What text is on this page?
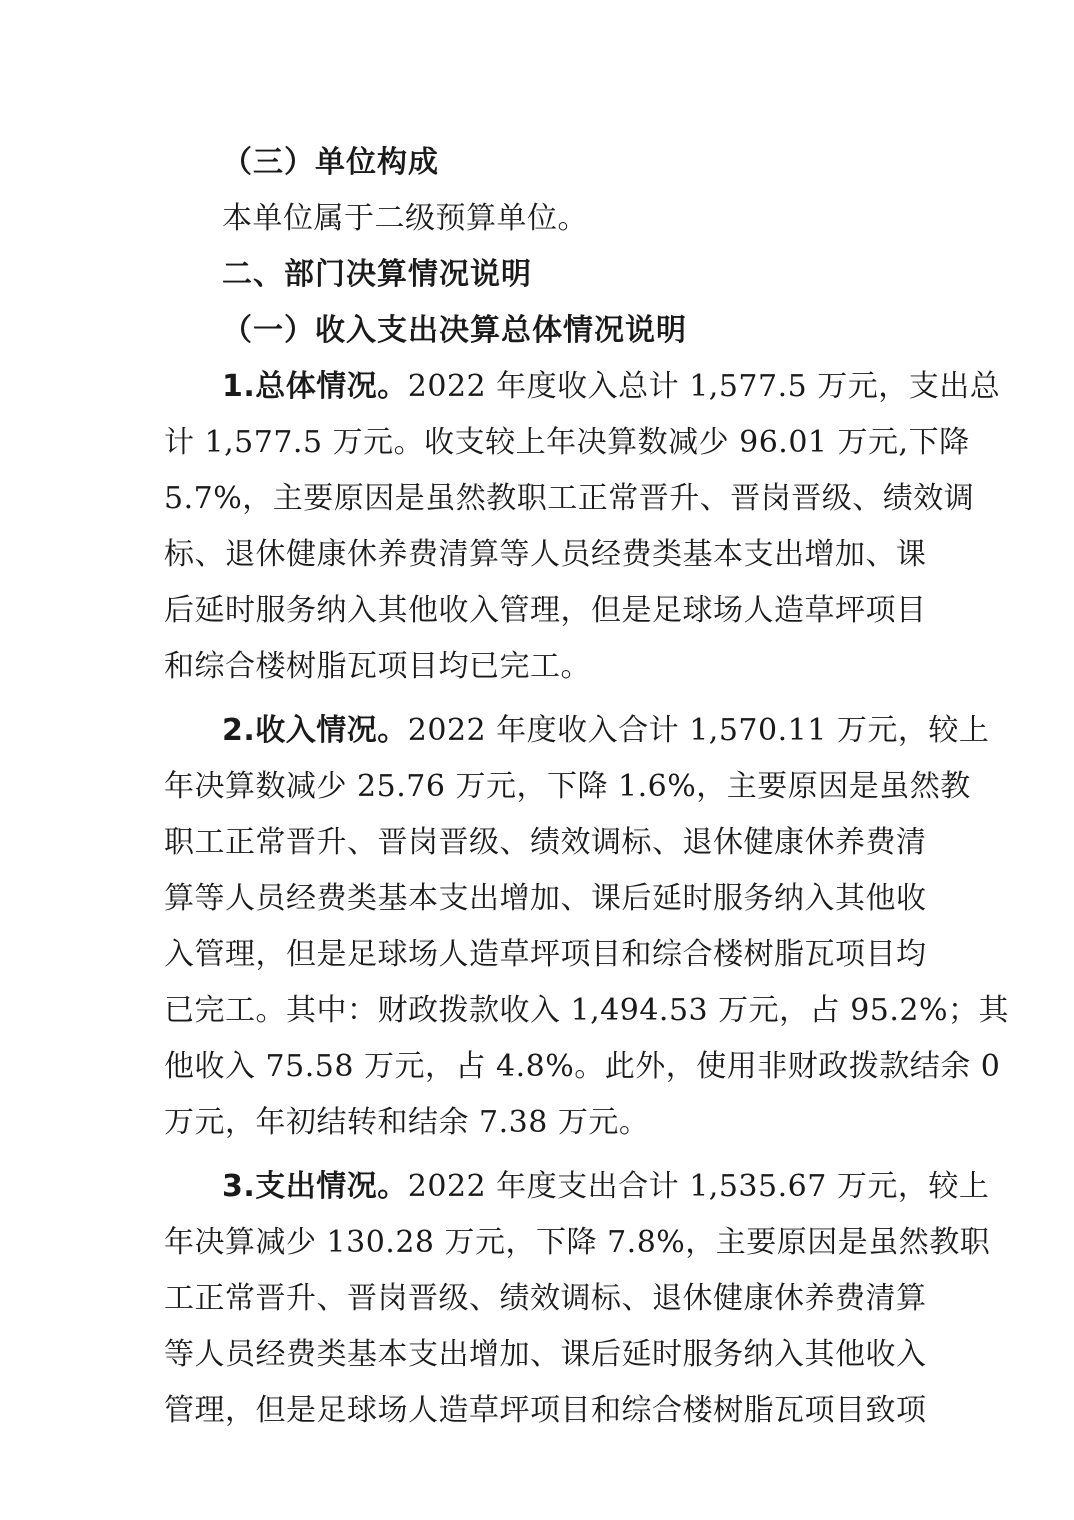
（三）单位构成

本单位属于二级预算单位。

二、部门决算情况说明

（一）收入支出决算总体情况说明

1.总体情况。2022 年度收入总计 1,577.5 万元，支出总

计 1,577.5 万元。收支较上年决算数减少 96.01 万元,下降

5.7%，主要原因是虽然教职工正常晋升、晋岗晋级、绩效调

标、退休健康休养费清算等人员经费类基本支出增加、课

后延时服务纳入其他收入管理，但是足球场人造草坪项目

和综合楼树脂瓦项目均已完工。

2.收入情况。2022 年度收入合计 1,570.11 万元，较上

年决算数减少 25.76 万元，下降 1.6%，主要原因是虽然教

职工正常晋升、晋岗晋级、绩效调标、退休健康休养费清

算等人员经费类基本支出增加、课后延时服务纳入其他收

入管理，但是足球场人造草坪项目和综合楼树脂瓦项目均

已完工。其中：财政拨款收入 1,494.53 万元，占 95.2%；其

他收入 75.58 万元，占 4.8%。此外，使用非财政拨款结余 0

万元，年初结转和结余 7.38 万元。

3.支出情况。2022 年度支出合计 1,535.67 万元，较上

年决算减少 130.28 万元，下降 7.8%，主要原因是虽然教职

工正常晋升、晋岗晋级、绩效调标、退休健康休养费清算

等人员经费类基本支出增加、课后延时服务纳入其他收入

管理，但是足球场人造草坪项目和综合楼树脂瓦项目致项
